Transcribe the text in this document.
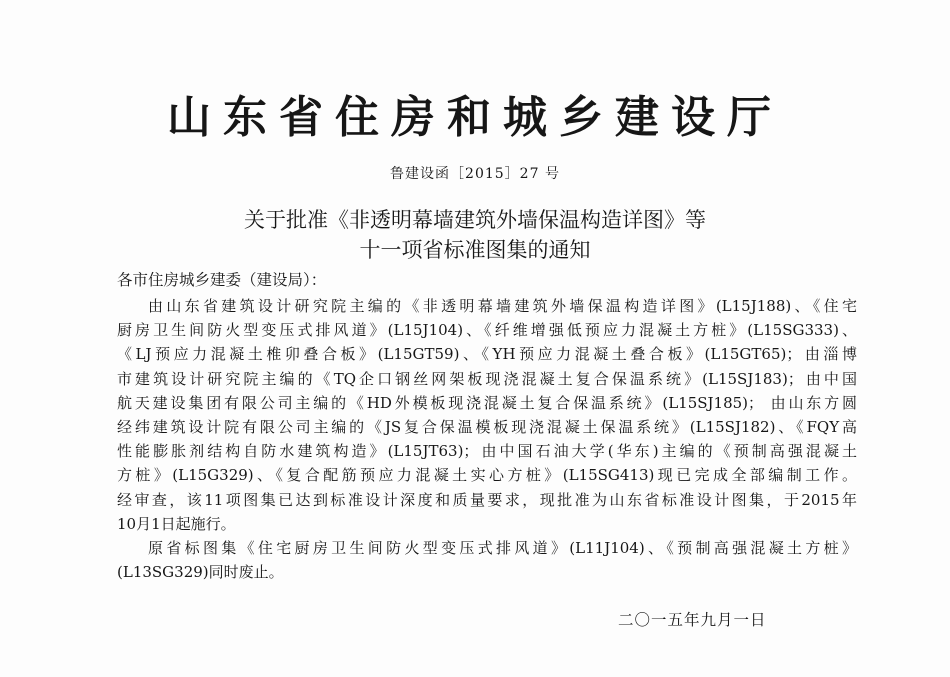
山东省住房和城乡建设厅
鲁建设函［2015］27 号
关于批准《非透明幕墙建筑外墙保温构造详图》等
十一项省标准图集的通知
各市住房城乡建委（建设局）：
由山东省建筑设计研究院主编的《非透明幕墙建筑外墙保温构造详图》(L15J188)、《住宅
厨房卫生间防火型变压式排风道》(L15J104)、《纤维增强低预应力混凝土方桩》(L15SG333)、
《LJ预应力混凝土椎卯叠合板》(L15GT59)、《YH预应力混凝土叠合板》(L15GT65)；由淄博
市建筑设计研究院主编的《TQ企口钢丝网架板现浇混凝土复合保温系统》(L15SJ183)；由中国
航天建设集团有限公司主编的《HD外模板现浇混凝土复合保温系统》(L15SJ185)； 由山东方圆
经纬建筑设计院有限公司主编的《JS复合保温模板现浇混凝土保温系统》(L15SJ182)、《FQY高
性能膨胀剂结构自防水建筑构造》(L15JT63)；由中国石油大学(华东)主编的《预制高强混凝土
方桩》(L15G329)、《复合配筋预应力混凝土实心方桩》(L15SG413)现已完成全部编制工作。
经审查，该11项图集已达到标准设计深度和质量要求，现批准为山东省标准设计图集，于2015年
10月1日起施行。
原省标图集《住宅厨房卫生间防火型变压式排风道》(L11J104)、《预制高强混凝土方桩》
(L13SG329)同时废止。
二〇一五年九月一日
